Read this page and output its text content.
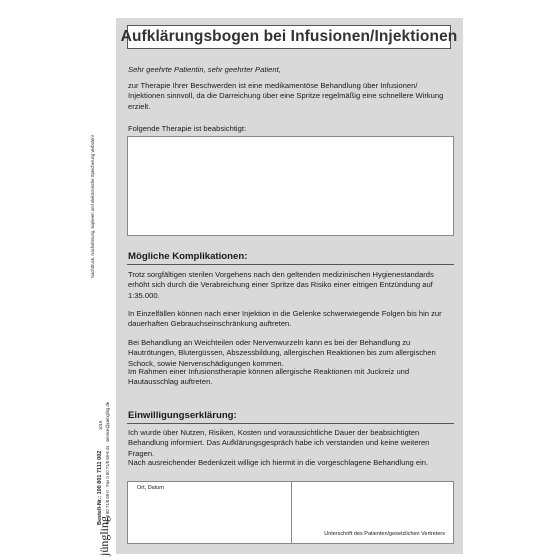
Nachdruck, Nachahmung, kopieren und elektronische Speicherung verboten!
1016
Bestell-Nr.: 100 801 7111 002 Tel. 0 80 71/8 08-0 · Fax 0 80 71/8 08-9 44 · service@juengling.de
jüngling
Aufklärungsbogen bei Infusionen/Injektionen
Sehr geehrte Patientin, sehr geehrter Patient,
zur Therapie Ihrer Beschwerden ist eine medikamentöse Behandlung über Infusionen/ Injektionen sinnvoll, da die Darreichung über eine Spritze regelmäßig eine schnellere Wirkung erzielt.
Folgende Therapie ist beabsichtigt:
Mögliche Komplikationen:
Trotz sorgfältigen sterilen Vorgehens nach den geltenden medizinischen Hygienestandards erhöht sich durch die Verabreichung einer Spritze das Risiko einer eitrigen Entzündung auf 1:35.000.
In Einzelfällen können nach einer Injektion in die Gelenke schwerwiegende Folgen bis hin zur dauerhaften Gebrauchseinschränkung auftreten.
Bei Behandlung an Weichteilen oder Nervenwurzeln kann es bei der Behandlung zu Hautrötungen, Blutergüssen, Abszessbildung, allergischen Reaktionen bis zum allergischen Schock, sowie Nervenschädigungen kommen.
Im Rahmen einer Infusionstherapie können allergische Reaktionen mit Juckreiz und Hautausschlag auftreten.
Einwilligungserklärung:
Ich wurde über Nutzen, Risiken, Kosten und voraussichtliche Dauer der beabsichtigten Behandlung informiert. Das Aufklärungsgespräch habe ich verstanden und keine weiteren Fragen.
Nach ausreichender Bedenkzeit willige ich hiermit in die vorgeschlagene Behandlung ein.
Ort, Datum
Unterschrift des Patienten/gesetzlichen Vertreters
